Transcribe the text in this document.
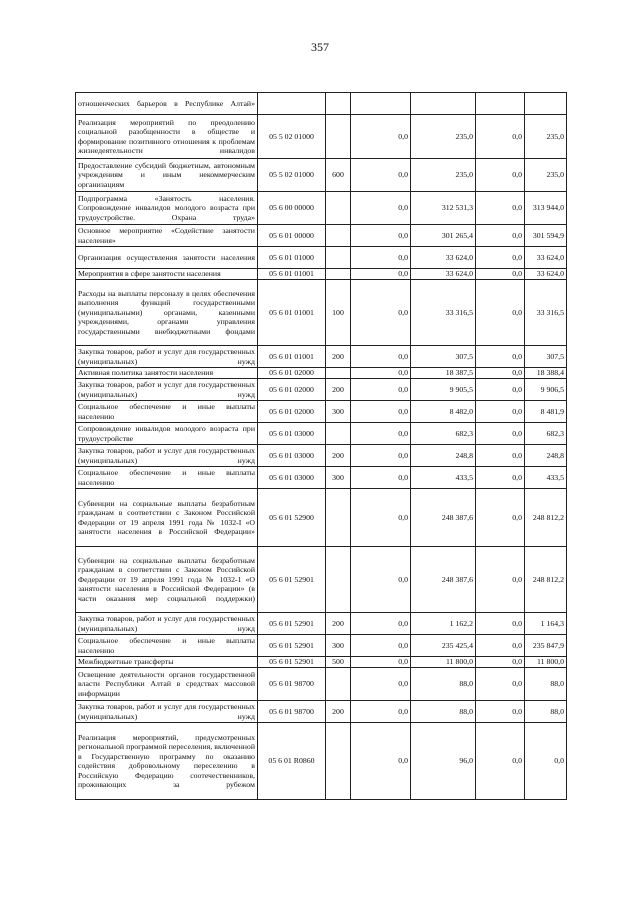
357
отношенческих барьеров в Республике Алтай»						
Реализация мероприятий по преодолению социальной разобщенности в обществе и формирование позитивного отношения к проблемам жизнедеятельности инвалидов	05 5 02 01000		0,0	235,0	0,0	235,0
Предоставление субсидий бюджетным, автономным учреждениям и иным некоммерческим организациям	05 5 02 01000	600	0,0	235,0	0,0	235,0
Подпрограмма «Занятость населения. Сопровождение инвалидов молодого возраста при трудоустройстве. Охрана труда»	05 6 00 00000		0,0	312 531,3	0,0	313 944,0
Основное мероприятие «Содействие занятости населения»	05 6 01 00000		0,0	301 265,4	0,0	301 594,9
Организация осуществления занятости населения	05 6 01 01000		0,0	33 624,0	0,0	33 624,0
Мероприятия в сфере занятости населения	05 6 01 01001		0,0	33 624,0	0,0	33 624,0
Расходы на выплаты персоналу в целях обеспечения выполнения функций государственными (муниципальными) органами, казенными учреждениями, органами управления государственными внебюджетными фондами	05 6 01 01001	100	0,0	33 316,5	0,0	33 316,5
Закупка товаров, работ и услуг для государственных (муниципальных) нужд	05 6 01 01001	200	0,0	307,5	0,0	307,5
Активная политика занятости населения	05 6 01 02000		0,0	18 387,5	0,0	18 388,4
Закупка товаров, работ и услуг для государственных (муниципальных) нужд	05 6 01 02000	200	0,0	9 905,5	0,0	9 906,5
Социальное обеспечение и иные выплаты населению	05 6 01 02000	300	0,0	8 482,0	0,0	8 481,9
Сопровождение инвалидов молодого возраста при трудоустройстве	05 6 01 03000		0,0	682,3	0,0	682,3
Закупка товаров, работ и услуг для государственных (муниципальных) нужд	05 6 01 03000	200	0,0	248,8	0,0	248,8
Социальное обеспечение и иные выплаты населению	05 6 01 03000	300	0,0	433,5	0,0	433,5
Субвенции на социальные выплаты безработным гражданам в соответствии с Законом Российской Федерации от 19 апреля 1991 года № 1032-I «О занятости населения в Российской Федерации»	05 6 01 52900		0,0	248 387,6	0,0	248 812,2
Субвенции на социальные выплаты безработным гражданам в соответствии с Законом Российской Федерации от 19 апреля 1991 года № 1032-1 «О занятости населения в Российской Федерации» (в части оказания мер социальной поддержки)	05 6 01 52901		0,0	248 387,6	0,0	248 812,2
Закупка товаров, работ и услуг для государственных (муниципальных) нужд	05 6 01 52901	200	0,0	1 162,2	0,0	1 164,3
Социальное обеспечение и иные выплаты населению	05 6 01 52901	300	0,0	235 425,4	0,0	235 847,9
Межбюджетные трансферты	05 6 01 52901	500	0,0	11 800,0	0,0	11 800,0
Освещение деятельности органов государственной власти Республики Алтай в средствах массовой информации	05 6 01 98700		0,0	88,0	0,0	88,0
Закупка товаров, работ и услуг для государственных (муниципальных) нужд	05 6 01 98700	200	0,0	88,0	0,0	88,0
Реализация мероприятий, предусмотренных региональной программой переселения, включенной в Государственную программу по оказанию содействия добровольному переселению в Российскую Федерацию соотечественников, проживающих за рубежом	05 6 01 R0860		0,0	96,0	0,0	0,0
